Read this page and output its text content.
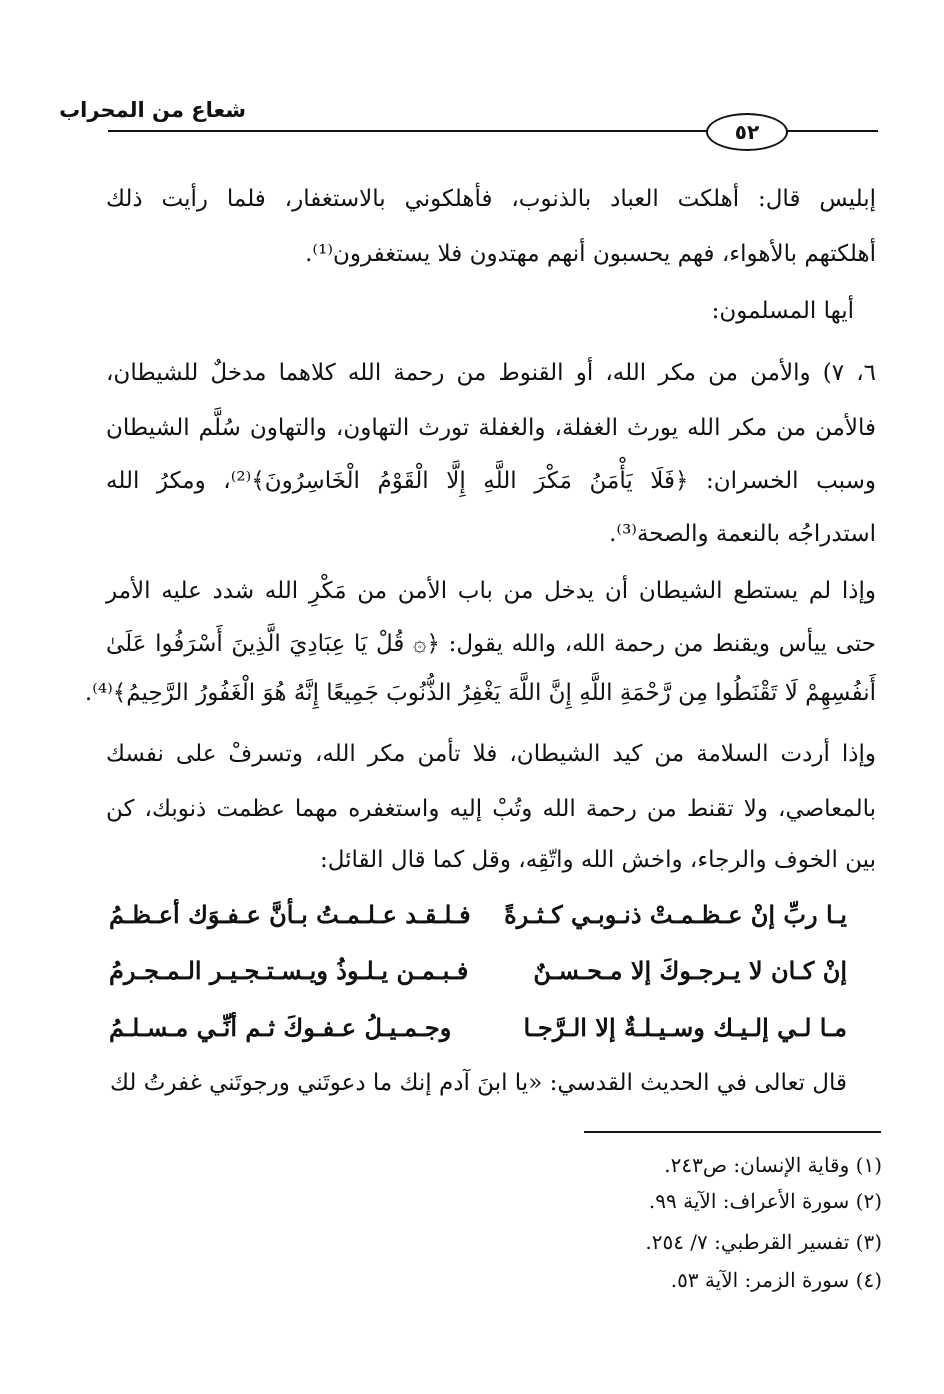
شعاع من المحراب
٥٢
إبليس قال: أهلكت العباد بالذنوب، فأهلكوني بالاستغفار، فلما رأيت ذلك
أهلكتهم بالأهواء، فهم يحسبون أنهم مهتدون فلا يستغفرون⁽¹⁾.
أيها المسلمون:
٦، ٧) والأمن من مكر الله، أو القنوط من رحمة الله كلاهما مدخلٌ للشيطان،
فالأمن من مكر الله يورث الغفلة، والغفلة تورث التهاون، والتهاون سُلَّم الشيطان
وسبب الخسران: ﴿فَلَا يَأْمَنُ مَكْرَ اللَّهِ إِلَّا الْقَوْمُ الْخَاسِرُونَ﴾⁽²⁾، ومكرُ الله
استدراجُه بالنعمة والصحة⁽³⁾.
وإذا لم يستطع الشيطان أن يدخل من باب الأمن من مَكْرِ الله شدد عليه الأمر
حتى ييأس ويقنط من رحمة الله، والله يقول: ﴿۞ قُلْ يَا عِبَادِيَ الَّذِينَ أَسْرَفُوا عَلَىٰ
أَنفُسِهِمْ لَا تَقْنَطُوا مِن رَّحْمَةِ اللَّهِ إِنَّ اللَّهَ يَغْفِرُ الذُّنُوبَ جَمِيعًا إِنَّهُ هُوَ الْغَفُورُ الرَّحِيمُ﴾⁽⁴⁾.
وإذا أردت السلامة من كيد الشيطان، فلا تأمن مكر الله، وتسرفْ على نفسك
بالمعاصي، ولا تقنط من رحمة الله وتُبْ إليه واستغفره مهما عظمت ذنوبك، كن
بين الخوف والرجاء، واخش الله واتّقِه، وقل كما قال القائل:
يـا ربِّ إنْ عـظـمـتْ ذنـوبـي كـثـرةً
فـلـقـد عـلـمـتُ بـأنَّ عـفـوَك أعـظـمُ
إنْ كـان لا يـرجـوكَ إلا مـحـسـنٌ
فـبـمـن يـلـوذُ ويـسـتـجـيـر الـمـجـرمُ
مـا لـي إلـيـك وسـيـلـةٌ إلا الـرَّجـا
وجـمـيـلُ عـفـوكَ ثـم أنِّـي مـسـلـمُ
قال تعالى في الحديث القدسي: «يا ابنَ آدم إنك ما دعوتَني ورجوتَني غفرتُ لك
(١) وقاية الإنسان: ص٢٤٣.
(٢) سورة الأعراف: الآية ٩٩.
(٣) تفسير القرطبي: ٧/ ٢٥٤.
(٤) سورة الزمر: الآية ٥٣.
